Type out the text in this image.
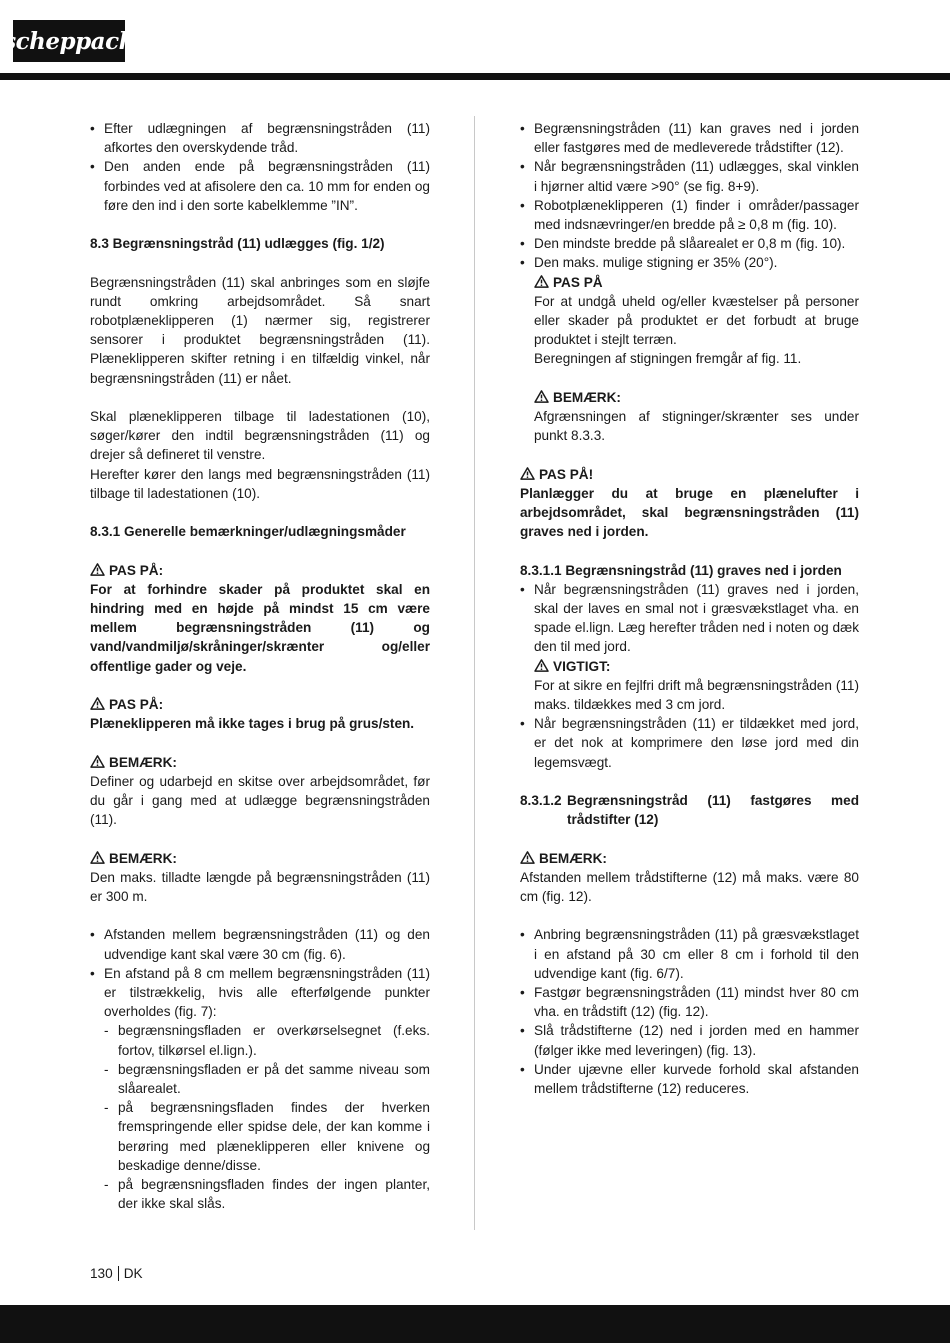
scheppach
• Efter udlægningen af begrænsningstråden (11) afkortes den overskydende tråd.
• Den anden ende på begrænsningstråden (11) forbindes ved at afisolere den ca. 10 mm for enden og føre den ind i den sorte kabelklemme ”IN”.

8.3 Begrænsningstråd (11) udlægges (fig. 1/2)

Begrænsningstråden (11) skal anbringes som en sløjfe rundt omkring arbejdsområdet. Så snart robotplæneklipperen (1) nærmer sig, registrerer sensorer i produktet begrænsningstråden (11). Plæneklipperen skifter retning i en tilfældig vinkel, når begrænsningstråden (11) er nået.

Skal plæneklipperen tilbage til ladestationen (10), søger/kører den indtil begrænsningstråden (11) og drejer så defineret til venstre.

Herefter kører den langs med begrænsningstråden (11) tilbage til ladestationen (10).

8.3.1 Generelle bemærkninger/udlægningsmåder

PAS PÅ:

For at forhindre skader på produktet skal en hindring med en højde på mindst 15 cm være mellem begrænsningstråden (11) og vand/vandmiljø/skråninger/skrænter og/eller offentlige gader og veje.

PAS PÅ:

Plæneklipperen må ikke tages i brug på grus/sten.

BEMÆRK:

Definer og udarbejd en skitse over arbejdsområdet, før du går i gang med at udlægge begrænsningstråden (11).

BEMÆRK:

Den maks. tilladte længde på begrænsningstråden (11) er 300 m.

• Afstanden mellem begrænsningstråden (11) og den udvendige kant skal være 30 cm (fig. 6).
• En afstand på 8 cm mellem begrænsningstråden (11) er tilstrækkelig, hvis alle efterfølgende punkter overholdes (fig. 7):
- begrænsningsfladen er overkørselsegnet (f.eks. fortov, tilkørsel el.lign.).
- begrænsningsfladen er på det samme niveau som slåarealet.
- på begrænsningsfladen findes der hverken fremspringende eller spidse dele, der kan komme i berøring med plæneklipperen eller knivene og beskadige denne/disse.
- på begrænsningsfladen findes der ingen planter, der ikke skal slås.
• Begrænsningstråden (11) kan graves ned i jorden eller fastgøres med de medleverede trådstifter (12).
• Når begrænsningstråden (11) udlægges, skal vinklen i hjørner altid være >90° (se fig. 8+9).
• Robotplæneklipperen (1) finder i områder/passager med indsnævringer/en bredde på ≥ 0,8 m (fig. 10).
• Den mindste bredde på slåarealet er 0,8 m (fig. 10).
• Den maks. mulige stigning er 35% (20°).

PAS PÅ

For at undgå uheld og/eller kvæstelser på personer eller skader på produktet er det forbudt at bruge produktet i stejlt terræn.

Beregningen af stigningen fremgår af fig. 11.

BEMÆRK:

Afgrænsningen af stigninger/skrænter ses under punkt 8.3.3.

PAS PÅ!

Planlægger du at bruge en plænelufter i arbejdsområdet, skal begrænsningstråden (11) graves ned i jorden.

8.3.1.1 Begrænsningstråd (11) graves ned i jorden

• Når begrænsningstråden (11) graves ned i jorden, skal der laves en smal not i græsvækstlaget vha. en spade el.lign. Læg herefter tråden ned i noten og dæk den til med jord.

VIGTIGT:

For at sikre en fejlfri drift må begrænsningstråden (11) maks. tildækkes med 3 cm jord.

• Når begrænsningstråden (11) er tildækket med jord, er det nok at komprimere den løse jord med din legemsvægt.
8.3.1.2 Begrænsningstråd (11) fastgøres med trådstifter (12)

BEMÆRK:

Afstanden mellem trådstifterne (12) må maks. være 80 cm (fig. 12).

• Anbring begrænsningstråden (11) på græsvækstlaget i en afstand på 30 cm eller 8 cm i forhold til den udvendige kant (fig. 6/7).
• Fastgør begrænsningstråden (11) mindst hver 80 cm vha. en trådstift (12) (fig. 12).
• Slå trådstifterne (12) ned i jorden med en hammer (følger ikke med leveringen) (fig. 13).
• Under ujævne eller kurvede forhold skal afstanden mellem trådstifterne (12) reduceres.
130 DK
